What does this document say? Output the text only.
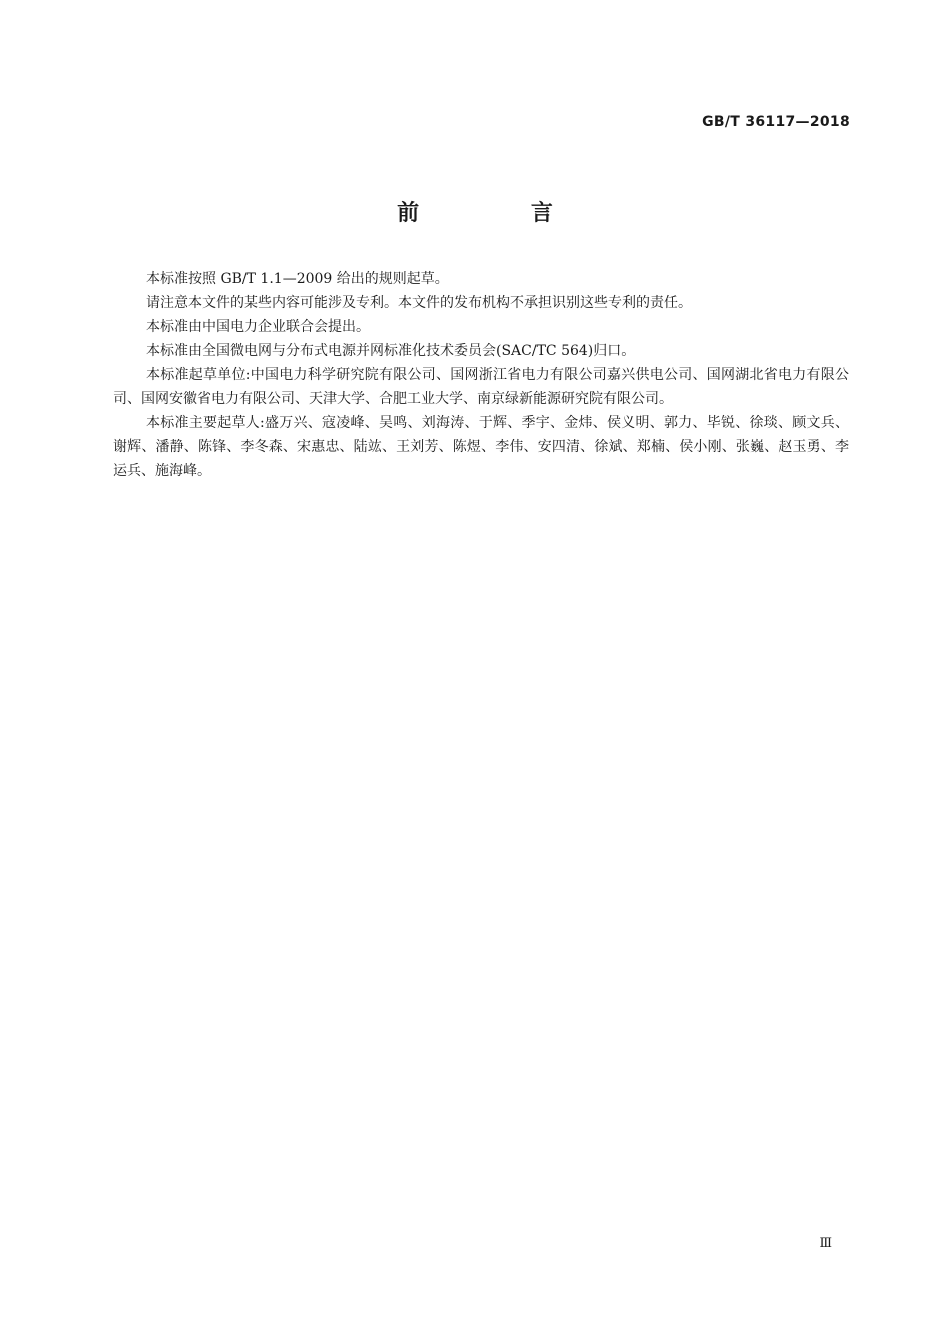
GB/T 36117—2018
前 言

本标准按照 GB/T 1.1—2009 给出的规则起草。

请注意本文件的某些内容可能涉及专利。本文件的发布机构不承担识别这些专利的责任。

本标准由中国电力企业联合会提出。

本标准由全国微电网与分布式电源并网标准化技术委员会(SAC/TC 564)归口。

本标准起草单位:中国电力科学研究院有限公司、国网浙江省电力有限公司嘉兴供电公司、国网湖北省电力有限公司、国网安徽省电力有限公司、天津大学、合肥工业大学、南京绿新能源研究院有限公司。

本标准主要起草人:盛万兴、寇凌峰、吴鸣、刘海涛、于辉、季宇、金炜、侯义明、郭力、毕锐、徐琰、顾文兵、谢辉、潘静、陈锋、李冬森、宋惠忠、陆竑、王刘芳、陈煜、李伟、安四清、徐斌、郑楠、侯小刚、张巍、赵玉勇、李运兵、施海峰。

Ⅲ
